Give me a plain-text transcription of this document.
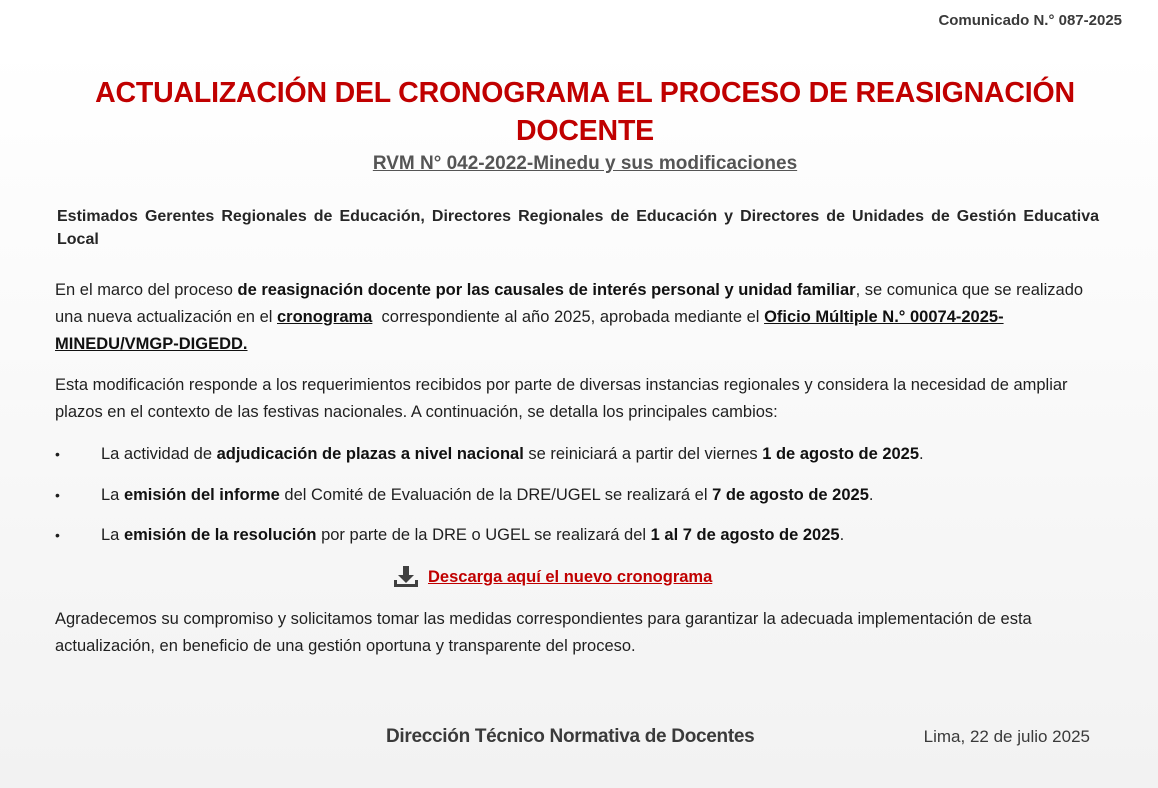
Comunicado N.° 087-2025
ACTUALIZACIÓN DEL CRONOGRAMA EL PROCESO DE REASIGNACIÓN
DOCENTE
RVM N° 042-2022-Minedu y sus modificaciones
Estimados Gerentes Regionales de Educación, Directores Regionales de Educación y Directores de Unidades de Gestión Educativa Local
En el marco del proceso de reasignación docente por las causales de interés personal y unidad familiar, se comunica que se realizado una nueva actualización en el cronograma  correspondiente al año 2025, aprobada mediante el Oficio Múltiple N.° 00074-2025-MINEDU/VMGP-DIGEDD.
Esta modificación responde a los requerimientos recibidos por parte de diversas instancias regionales y considera la necesidad de ampliar plazos en el contexto de las festivas nacionales. A continuación, se detalla los principales cambios:
• La actividad de adjudicación de plazas a nivel nacional se reiniciará a partir del viernes 1 de agosto de 2025.
• La emisión del informe del Comité de Evaluación de la DRE/UGEL se realizará el 7 de agosto de 2025.
• La emisión de la resolución por parte de la DRE o UGEL se realizará del 1 al 7 de agosto de 2025.
Descarga aquí el nuevo cronograma
Agradecemos su compromiso y solicitamos tomar las medidas correspondientes para garantizar la adecuada implementación de esta actualización, en beneficio de una gestión oportuna y transparente del proceso.
Dirección Técnico Normativa de Docentes	Lima, 22 de julio 2025
